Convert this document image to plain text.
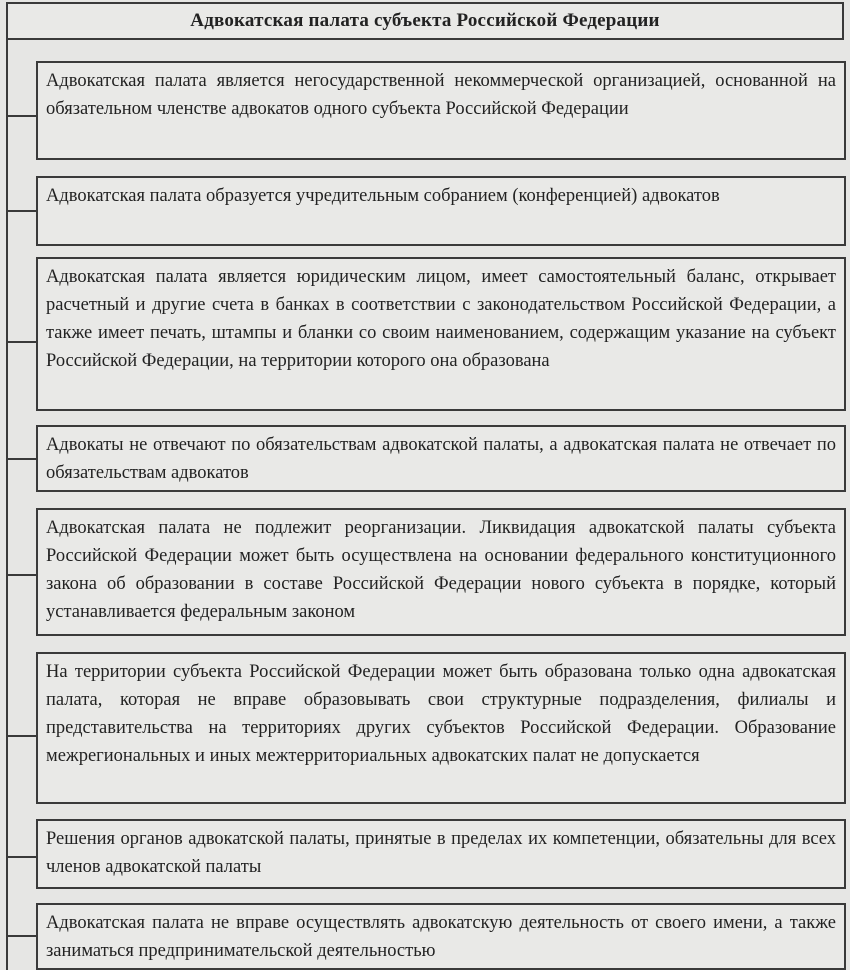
Адвокатская палата субъекта Российской Федерации
Адвокатская палата является негосударственной некоммерческой организацией, основанной на обязательном членстве адвокатов одного субъекта Российской Федерации
Адвокатская палата образуется учредительным собранием (конференцией) адвокатов
Адвокатская палата является юридическим лицом, имеет самостоятельный баланс, открывает расчетный и другие счета в банках в соответствии с законодательством Российской Федерации, а также имеет печать, штампы и бланки со своим наименованием, содержащим указание на субъект Российской Федерации, на территории которого она образована
Адвокаты не отвечают по обязательствам адвокатской палаты, а адвокатская палата не отвечает по обязательствам адвокатов
Адвокатская палата не подлежит реорганизации. Ликвидация адвокатской палаты субъекта Российской Федерации может быть осуществлена на основании федерального конституционного закона об образовании в составе Российской Федерации нового субъекта в порядке, который устанавливается федеральным законом
На территории субъекта Российской Федерации может быть образована только одна адвокатская палата, которая не вправе образовывать свои структурные подразделения, филиалы и представительства на территориях других субъектов Российской Федерации. Образование межрегиональных и иных межтерриториальных адвокатских палат не допускается
Решения органов адвокатской палаты, принятые в пределах их компетенции, обязательны для всех членов адвокатской палаты
Адвокатская палата не вправе осуществлять адвокатскую деятельность от своего имени, а также заниматься предпринимательской деятельностью
